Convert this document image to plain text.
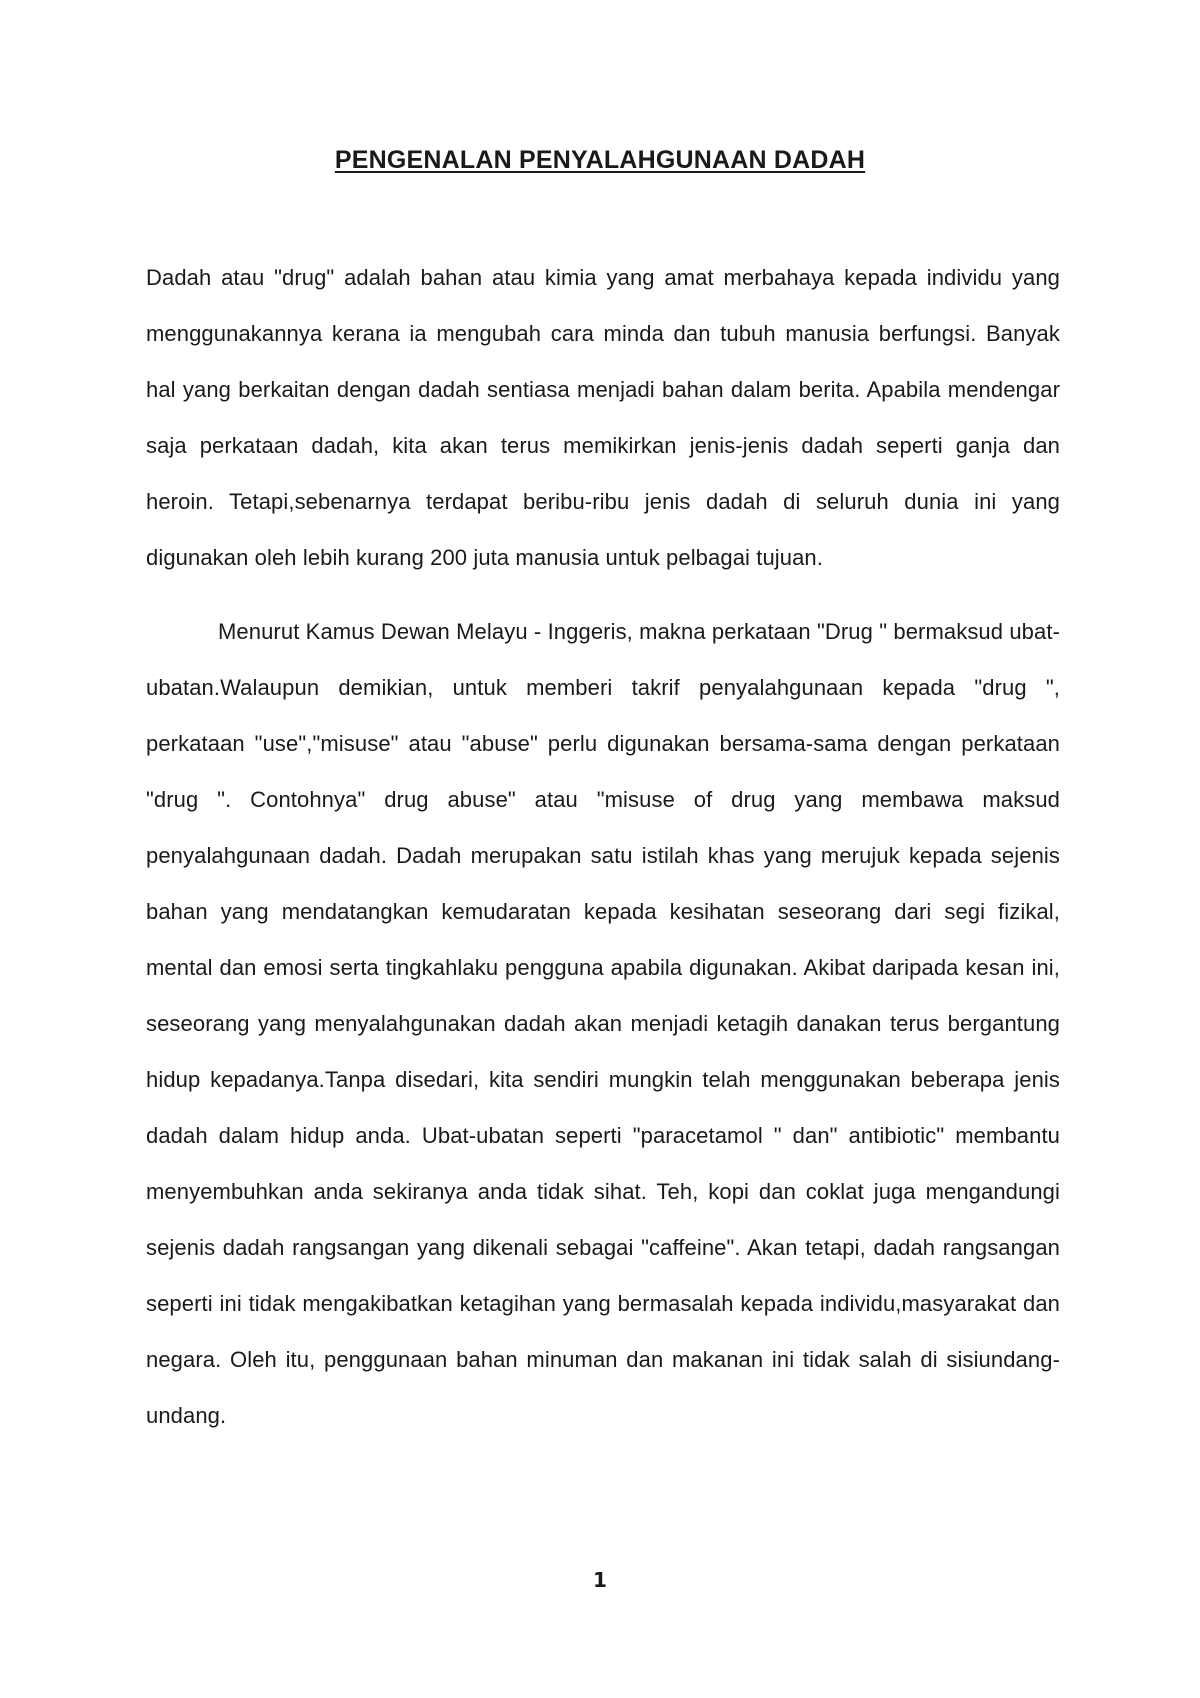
PENGENALAN PENYALAHGUNAAN DADAH

Dadah atau "drug" adalah bahan atau kimia yang amat merbahaya kepada individu yang menggunakannya kerana ia mengubah cara minda dan tubuh manusia berfungsi. Banyak hal yang berkaitan dengan dadah sentiasa menjadi bahan dalam berita. Apabila mendengar saja perkataan dadah, kita akan terus memikirkan jenis-jenis dadah seperti ganja dan heroin. Tetapi,sebenarnya terdapat beribu-ribu jenis dadah di seluruh dunia ini yang digunakan oleh lebih kurang 200 juta manusia untuk pelbagai tujuan.

Menurut Kamus Dewan Melayu - Inggeris, makna perkataan "Drug " bermaksud ubat-ubatan.Walaupun demikian, untuk memberi takrif penyalahgunaan kepada "drug ", perkataan "use","misuse" atau "abuse" perlu digunakan bersama-sama dengan perkataan "drug ". Contohnya" drug abuse" atau "misuse of drug yang membawa maksud penyalahgunaan dadah. Dadah merupakan satu istilah khas yang merujuk kepada sejenis bahan yang mendatangkan kemudaratan kepada kesihatan seseorang dari segi fizikal, mental dan emosi serta tingkahlaku pengguna apabila digunakan. Akibat daripada kesan ini, seseorang yang menyalahgunakan dadah akan menjadi ketagih danakan terus bergantung hidup kepadanya.Tanpa disedari, kita sendiri mungkin telah menggunakan beberapa jenis dadah dalam hidup anda. Ubat-ubatan seperti "paracetamol " dan" antibiotic" membantu menyembuhkan anda sekiranya anda tidak sihat. Teh, kopi dan coklat juga mengandungi sejenis dadah rangsangan yang dikenali sebagai "caffeine". Akan tetapi, dadah rangsangan seperti ini tidak mengakibatkan ketagihan yang bermasalah kepada individu,masyarakat dan negara. Oleh itu, penggunaan bahan minuman dan makanan ini tidak salah di sisiundang-undang.

1
